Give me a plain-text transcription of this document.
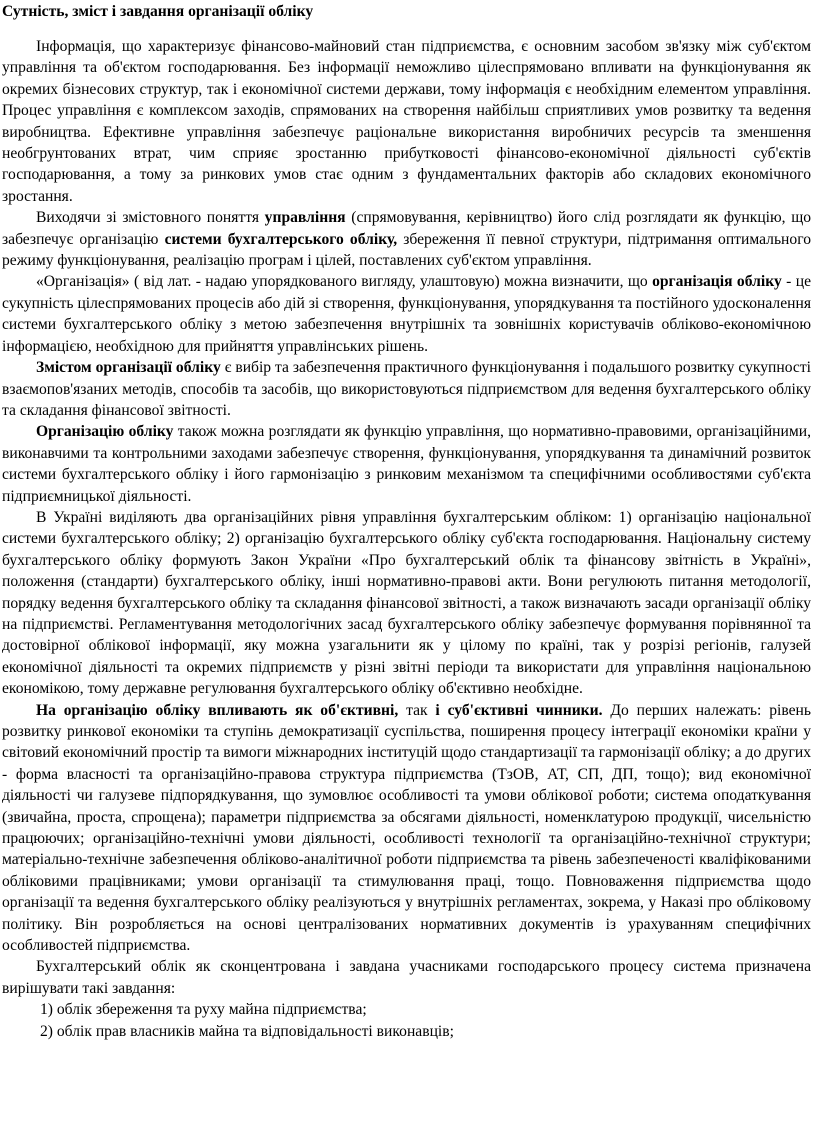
Сутність, зміст і завдання організації обліку

Інформація, що характеризує фінансово-майновий стан підприємства, є основним засобом зв'язку між суб'єктом управління та об'єктом господарювання. Без інформації неможливо цілеспрямовано впливати на функціонування як окремих бізнесових структур, так і економічної системи держави, тому інформація є необхідним елементом управління. Процес управління є комплексом заходів, спрямованих на створення найбільш сприятливих умов розвитку та ведення виробництва. Ефективне управління забезпечує раціональне використання виробничих ресурсів та зменшення необгрунтованих втрат, чим сприяє зростанню прибутковості фінансово-економічної діяльності суб'єктів господарювання, а тому за ринкових умов стає одним з фундаментальних факторів або складових економічного зростання.

Виходячи зі змістовного поняття управління (спрямовування, керівництво) його слід розглядати як функцію, що забезпечує організацію системи бухгалтерського обліку, збереження її певної структури, підтримання оптимального режиму функціонування, реалізацію програм і цілей, поставлених суб'єктом управління.

«Організація» ( від лат. - надаю упорядкованого вигляду, улаштовую) можна визначити, що організація обліку - це сукупність цілеспрямованих процесів або дій зі створення, функціонування, упорядкування та постійного удосконалення системи бухгалтерського обліку з метою забезпечення внутрішніх та зовнішніх користувачів обліково-економічною інформацією, необхідною для прийняття управлінських рішень.

Змістом організації обліку є вибір та забезпечення практичного функціонування і подальшого розвитку сукупності взаємопов'язаних методів, способів та засобів, що використовуються підприємством для ведення бухгалтерського обліку та складання фінансової звітності.

Організацію обліку також можна розглядати як функцію управління, що нормативно-правовими, організаційними, виконавчими та контрольними заходами забезпечує створення, функціонування, упорядкування та динамічний розвиток системи бухгалтерського обліку і його гармонізацію з ринковим механізмом та специфічними особливостями суб'єкта підприємницької діяльності.

В Україні виділяють два організаційних рівня управління бухгалтерським обліком: 1) організацію національної системи бухгалтерського обліку; 2) організацію бухгалтерського обліку суб'єкта господарювання. Національну систему бухгалтерського обліку формують Закон України «Про бухгалтерський облік та фінансову звітність в Україні», положення (стандарти) бухгалтерського обліку, інші нормативно-правові акти. Вони регулюють питання методології, порядку ведення бухгалтерського обліку та складання фінансової звітності, а також визначають засади організації обліку на підприємстві. Регламентування методологічних засад бухгалтерського обліку забезпечує формування порівнянної та достовірної облікової інформації, яку можна узагальнити як у цілому по країні, так у розрізі регіонів, галузей економічної діяльності та окремих підприємств у різні звітні періоди та використати для управління національною економікою, тому державне регулювання бухгалтерського обліку об'єктивно необхідне.

На організацію обліку впливають як об'єктивні, так і суб'єктивні чинники. До перших належать: рівень розвитку ринкової економіки та ступінь демократизації суспільства, поширення процесу інтеграції економіки країни у світовий економічний простір та вимоги міжнародних інституцій щодо стандартизації та гармонізації обліку; а до других - форма власності та організаційно-правова структура підприємства (ТзОВ, АТ, СП, ДП, тощо); вид економічної діяльності чи галузеве підпорядкування, що зумовлює особливості та умови облікової роботи; система оподаткування (звичайна, проста, спрощена); параметри підприємства за обсягами діяльності, номенклатурою продукції, чисельністю працюючих; організаційно-технічні умови діяльності, особливості технології та організаційно-технічної структури; матеріально-технічне забезпечення обліково-аналітичної роботи підприємства та рівень забезпеченості кваліфікованими обліковими працівниками; умови організації та стимулювання праці, тощо. Повноваження підприємства щодо організації та ведення бухгалтерського обліку реалізуються у внутрішніх регламентах, зокрема, у Наказі про обліковому політику. Він розробляється на основі централізованих нормативних документів із урахуванням специфічних особливостей підприємства.

Бухгалтерський облік як сконцентрована і завдана учасниками господарського процесу система призначена вирішувати такі завдання:

1) облік збереження та руху майна підприємства;

2) облік прав власників майна та відповідальності виконавців;
